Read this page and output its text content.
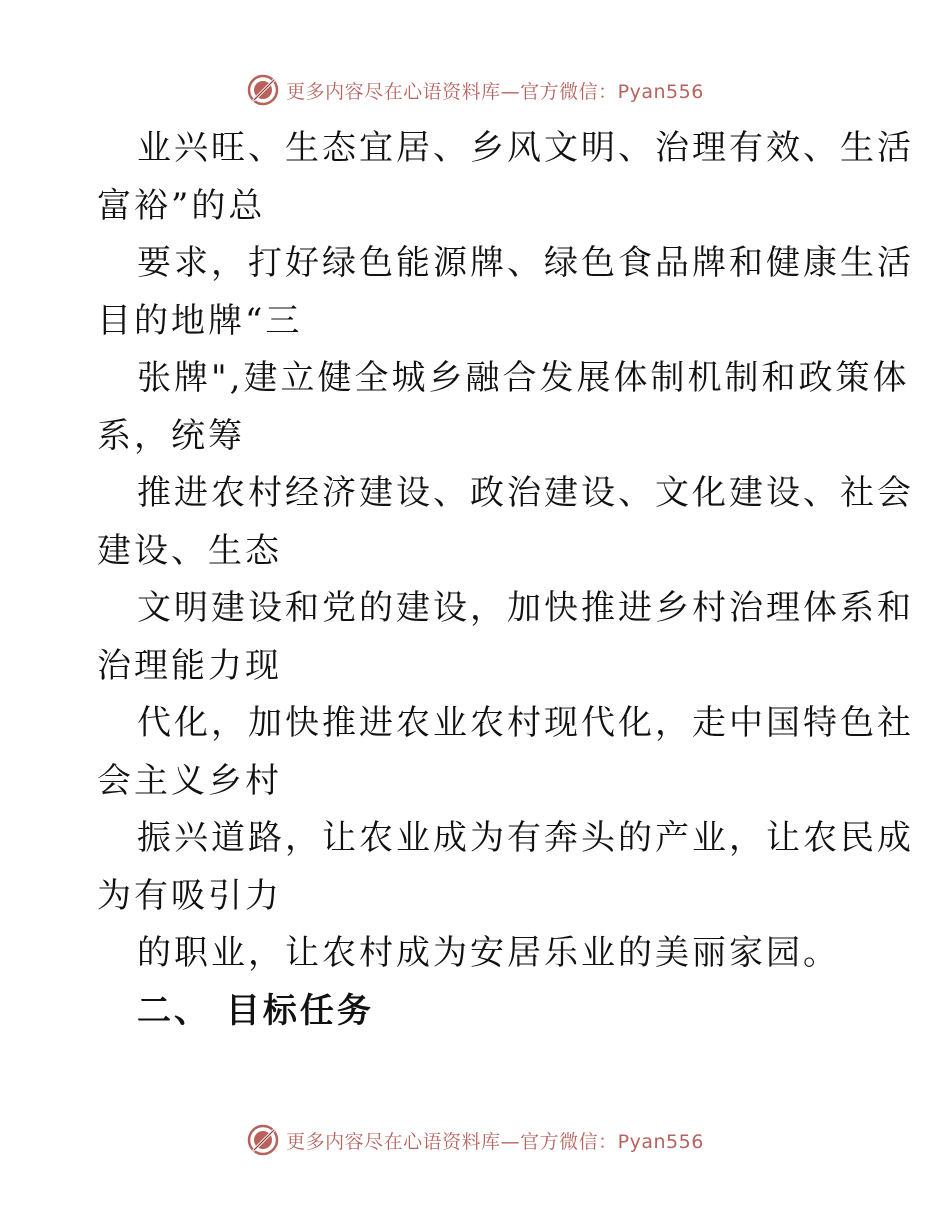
更多内容尽在心语资料库—官方微信：Pyan556

业兴旺、生态宜居、乡风文明、治理有效、生活
富裕”的总

要求，打好绿色能源牌、绿色食品牌和健康生活
目的地牌“三

张牌",建立健全城乡融合发展体制机制和政策体
系，统筹

推进农村经济建设、政治建设、文化建设、社会
建设、生态

文明建设和党的建设，加快推进乡村治理体系和
治理能力现

代化，加快推进农业农村现代化，走中国特色社
会主义乡村

振兴道路，让农业成为有奔头的产业，让农民成
为有吸引力

的职业，让农村成为安居乐业的美丽家园。

二、 目标任务
更多内容尽在心语资料库—官方微信：Pyan556
